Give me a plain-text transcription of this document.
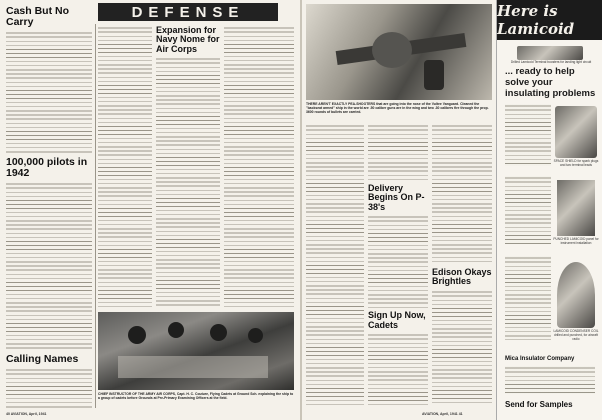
DEFENSE
Cash But No Carry
100,000 pilots in 1942
Calling Names
Expansion for Navy Nome for Air Corps
CHIEF INSTRUCTOR OF THE ARMY AIR CORPS, Capt. H. C. Couture, Flying Cadets at Ground Sch. explaining the ship to a group of cadets before Grounds at Pre-Primary Examining Officers at the field.
40 AVIATION, April, 1941
THERE AREN'T EXACTLY PEA-SHOOTERS that are going into the nose of the Vultee Vanguard. Cleaned the "backseat armed" ship in the world are .50 caliber guns are in the wing and two .30 calibers fire through the prop. 3600 rounds of bullets are carried.
Delivery Begins On P-38's
Sign Up Now, Cadets
Edison Okays Brightles
AVIATION, April, 1941 41
Here is Lamicoid
Drilled Lamicoid Terminal boosters for landing light circuit
... ready to help solve your insulating problems
SPACE SHIELD for spark plugs and two terminal leads
PUNCHED LAMICOID panel for instrument installation
LAMICOID CONDENSER COIL drilled and punched, for aircraft radio
Mica Insulator Company
Send for Samples
